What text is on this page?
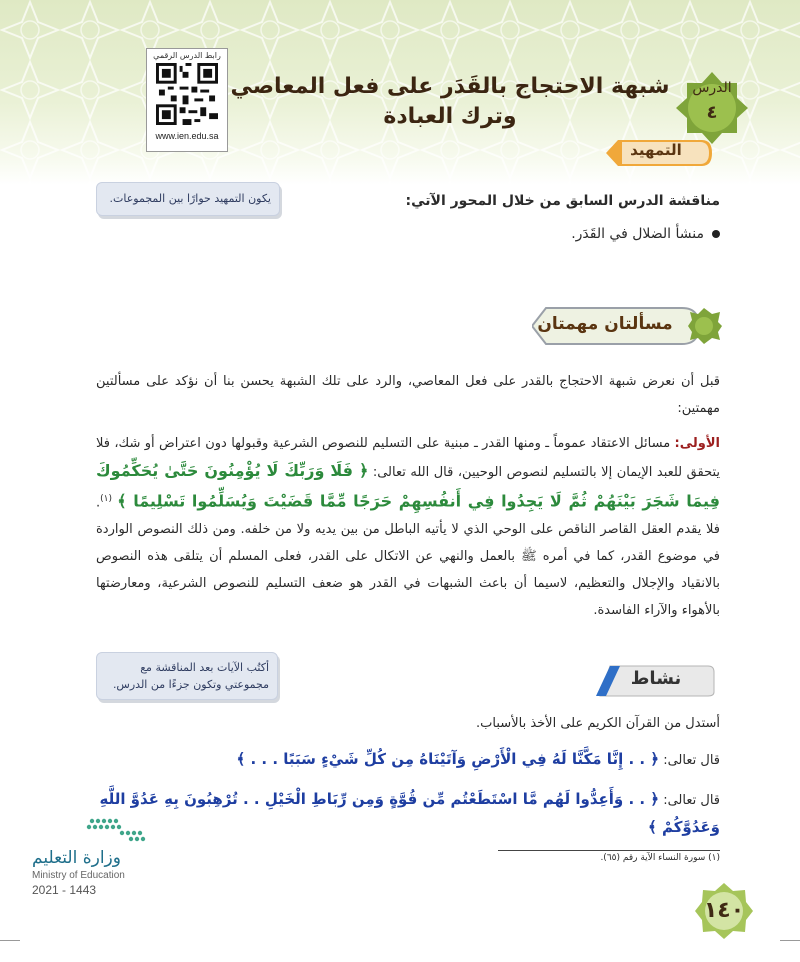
رابط الدرس الرقمي
www.ien.edu.sa
الدرس
٤
شبهة الاحتجاج بالقَدَر على فعل المعاصي وترك العبادة
التمهيد
يكون التمهيد حوارًا بين المجموعات.	مناقشة الدرس السابق من خلال المحور الآتي:
منشأ الضلال في القَدَر.
مسألتان مهمتان
قبل أن نعرض شبهة الاحتجاج بالقدر على فعل المعاصي، والرد على تلك الشبهة يحسن بنا أن نؤكد على مسألتين مهمتين:
الأولى: مسائل الاعتقاد عموماً ـ ومنها القدر ـ مبنية على التسليم للنصوص الشرعية وقبولها دون اعتراض أو شك، فلا يتحقق للعبد الإيمان إلا بالتسليم لنصوص الوحيين، قال الله تعالى: ﴿ فَلَا وَرَبِّكَ لَا يُؤْمِنُونَ حَتَّىٰ يُحَكِّمُوكَ فِيمَا شَجَرَ بَيْنَهُمْ ثُمَّ لَا يَجِدُوا فِي أَنفُسِهِمْ حَرَجًا مِّمَّا قَضَيْتَ وَيُسَلِّمُوا تَسْلِيمًا ﴾ $^{(١)}$. فلا يقدم العقل القاصر الناقص على الوحي الذي لا يأتيه الباطل من بين يديه ولا من خلفه. ومن ذلك النصوص الواردة في موضوع القدر، كما في أمره ﷺ بالعمل والنهي عن الاتكال على القدر، فعلى المسلم أن يتلقى هذه النصوص بالانقياد والإجلال والتعظيم، لاسيما أن باعث الشبهات في القدر هو ضعف التسليم للنصوص الشرعية، ومعارضتها بالأهواء والآراء الفاسدة.
أكتُب الآيات بعد المناقشة مع مجموعتي وتكون جزءًا من الدرس.	نشاط
أستدل من القرآن الكريم على الأخذ بالأسباب.
قال تعالى: ﴿ . . إِنَّا مَكَّنَّا لَهُ فِي الْأَرْضِ وَآتَيْنَاهُ مِن كُلِّ شَيْءٍ سَبَبًا . . . ﴾
قال تعالى: ﴿ . . وَأَعِدُّوا لَهُم مَّا اسْتَطَعْتُم مِّن قُوَّةٍ وَمِن رِّبَاطِ الْخَيْلِ . . تُرْهِبُونَ بِهِ عَدُوَّ اللَّهِ وَعَدُوَّكُمْ ﴾
(١) سورة النساء الآية رقم (٦٥).
وزارة التعليم
Ministry of Education
2021 - 1443
١٤٠
